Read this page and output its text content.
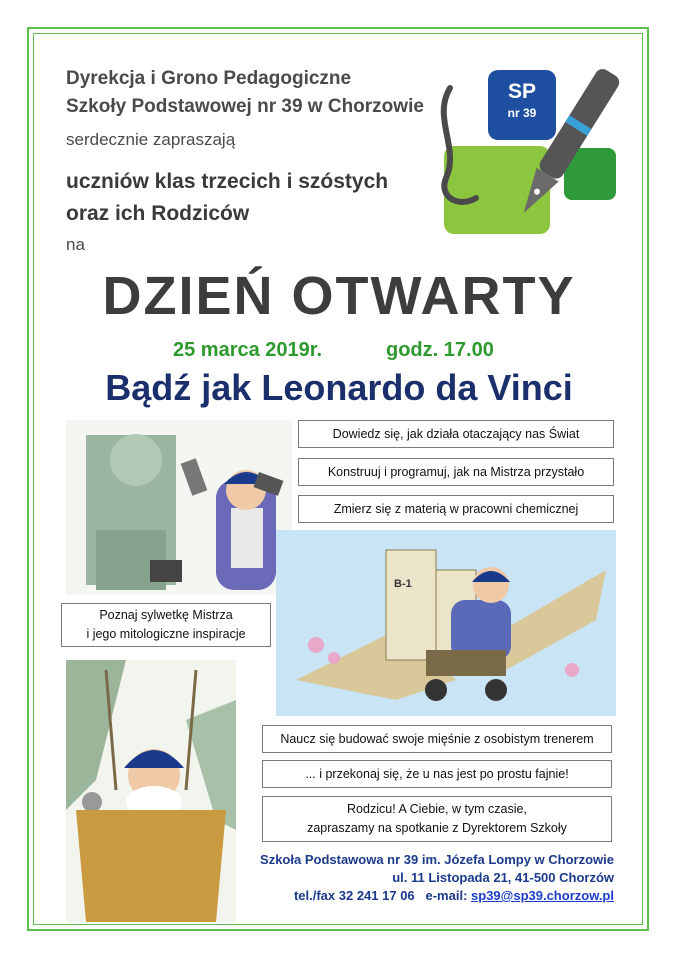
Dyrekcja i Grono Pedagogiczne

Szkoły Podstawowej nr 39 w Chorzowie

serdecznie zapraszają

uczniów klas trzecich i szóstych

oraz ich Rodziców

na

SP
nr 39

DZIEŃ OTWARTY

25 marca 2019r.	godz. 17.00

Bądź jak Leonardo da Vinci

B-1
Dowiedz się, jak działa otaczający nas Świat
Konstruuj i programuj, jak na Mistrza przystało
Zmierz się z materią w pracowni chemicznej
Poznaj sylwetkę Mistrza
i jego mitologiczne inspiracje
Naucz się budować swoje mięśnie z osobistym trenerem
... i przekonaj się, że u nas jest po prostu fajnie!
Rodzicu! A Ciebie, w tym czasie,
zapraszamy na spotkanie z Dyrektorem Szkoły
Szkoła Podstawowa nr 39 im. Józefa Lompy w Chorzowie
ul. 11 Listopada 21, 41-500 Chorzów
tel./fax 32 241 17 06 e-mail: sp39@sp39.chorzow.pl
